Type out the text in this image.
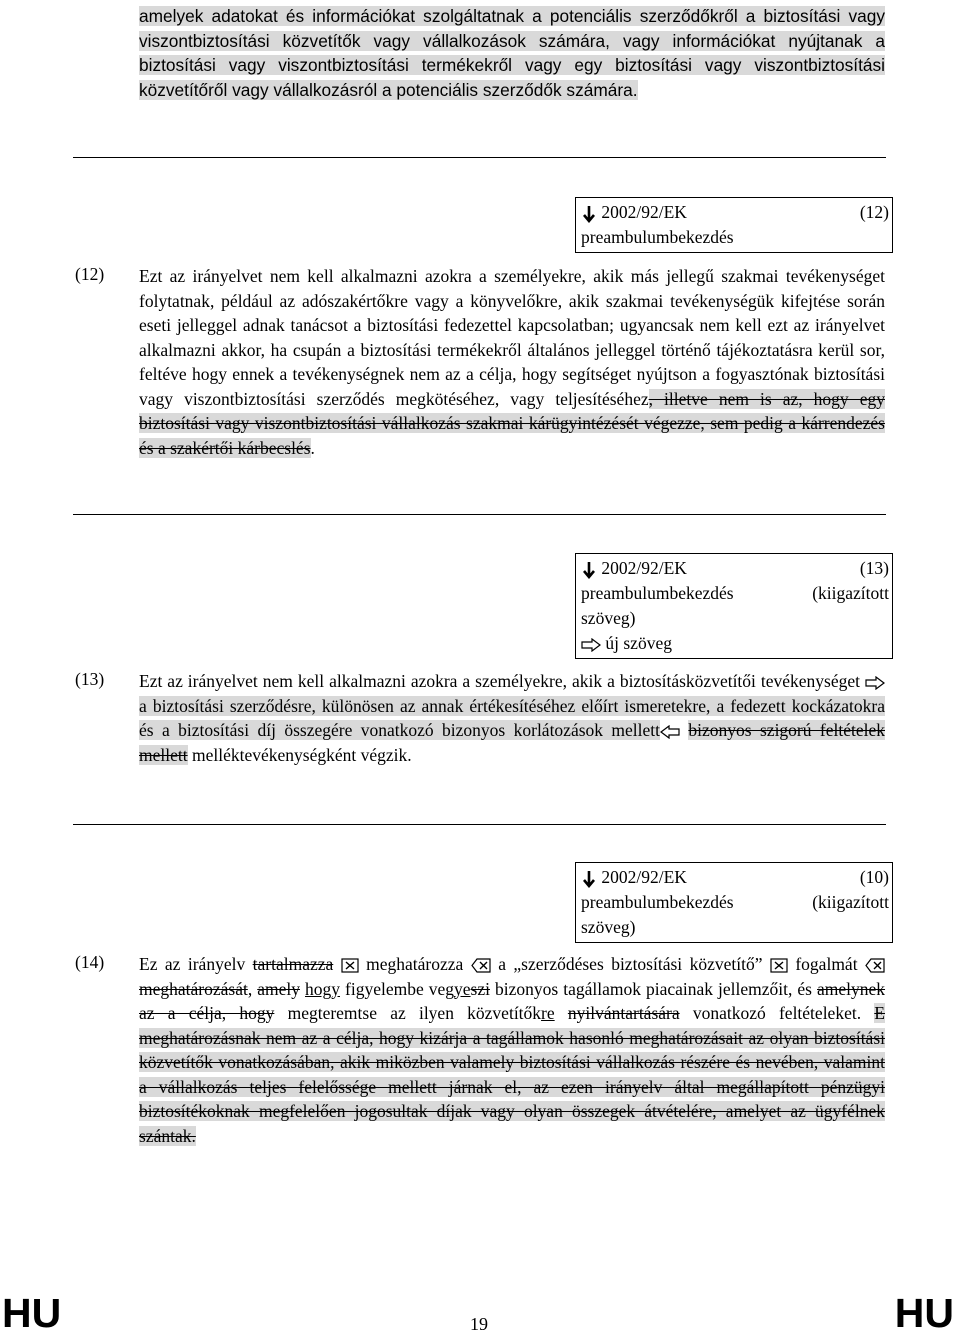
amelyek adatokat és információkat szolgáltatnak a potenciális szerződőkről a biztosítási vagy viszontbiztosítási közvetítők vagy vállalkozások számára, vagy információkat nyújtanak a biztosítási vagy viszontbiztosítási termékekről vagy egy biztosítási vagy viszontbiztosítási közvetítőről vagy vállalkozásról a potenciális szerződők számára.
2002/92/EK	(12)
preambulumbekezdés
(12) Ezt az irányelvet nem kell alkalmazni azokra a személyekre, akik más jellegű szakmai tevékenységet folytatnak, például az adószakértőkre vagy a könyvelőkre, akik szakmai tevékenységük kifejtése során eseti jelleggel adnak tanácsot a biztosítási fedezettel kapcsolatban; ugyancsak nem kell ezt az irányelvet alkalmazni akkor, ha csupán a biztosítási termékekről általános jelleggel történő tájékoztatásra kerül sor, feltéve hogy ennek a tevékenységnek nem az a célja, hogy segítséget nyújtson a fogyasztónak biztosítási vagy viszontbiztosítási szerződés megkötéséhez, vagy teljesítéséhez, illetve nem is az, hogy egy biztosítási vagy viszontbiztosítási vállalkozás szakmai kárügyintézését végezze, sem pedig a kárrendezés és a szakértői kárbecslés.
2002/92/EK	(13)
preambulumbekezdés	(kiigazított
szöveg)
új szöveg
(13) Ezt az irányelvet nem kell alkalmazni azokra a személyekre, akik a biztosításközvetítői tevékenységet  a biztosítási szerződésre, különösen az annak értékesítéséhez előírt ismeretekre, a fedezett kockázatokra és a biztosítási díj összegére vonatkozó bizonyos korlátozások mellett bizonyos szigorú feltételek mellett melléktevékenységként végzik.
2002/92/EK	(10)
preambulumbekezdés	(kiigazított
szöveg)
(14) Ez az irányelv tartalmazza meghatározza a „szerződéses biztosítási közvetítő” fogalmát  meghatározását, amely hogy figyelembe vegyeszi bizonyos tagállamok piacainak jellemzőit, és amelynek az a célja, hogy megteremtse az ilyen közvetítőkre nyilvántartására vonatkozó feltételeket. E meghatározásnak nem az a célja, hogy kizárja a tagállamok hasonló meghatározásait az olyan biztosítási közvetítők vonatkozásában, akik miközben valamely biztosítási vállalkozás részére és nevében, valamint a vállalkozás teljes felelőssége mellett járnak el, az ezen irányelv által megállapított pénzügyi biztosítékoknak megfelelően jogosultak díjak vagy olyan összegek átvételére, amelyet az ügyfélnek szántak.
HU	19	HU
